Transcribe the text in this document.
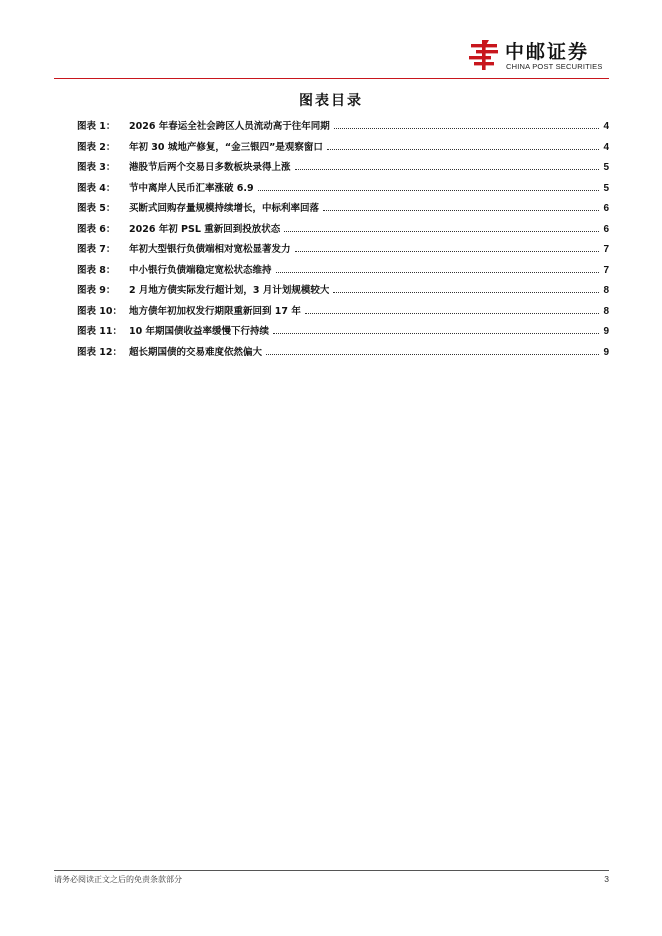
中邮证券
CHINA POST SECURITIES
图表目录
图表 1：	2026 年春运全社会跨区人员流动高于往年同期	4
图表 2：	年初 30 城地产修复，“金三银四”是观察窗口	4
图表 3：	港股节后两个交易日多数板块录得上涨	5
图表 4：	节中离岸人民币汇率涨破 6.9	5
图表 5：	买断式回购存量规模持续增长，中标利率回落	6
图表 6：	2026 年初 PSL 重新回到投放状态	6
图表 7：	年初大型银行负债端相对宽松显著发力	7
图表 8：	中小银行负债端稳定宽松状态维持	7
图表 9：	2 月地方债实际发行超计划，3 月计划规模较大	8
图表 10： 地方债年初加权发行期限重新回到 17 年	8
图表 11： 10 年期国债收益率缓慢下行持续	9
图表 12： 超长期国债的交易难度依然偏大	9
请务必阅读正文之后的免责条款部分	3
